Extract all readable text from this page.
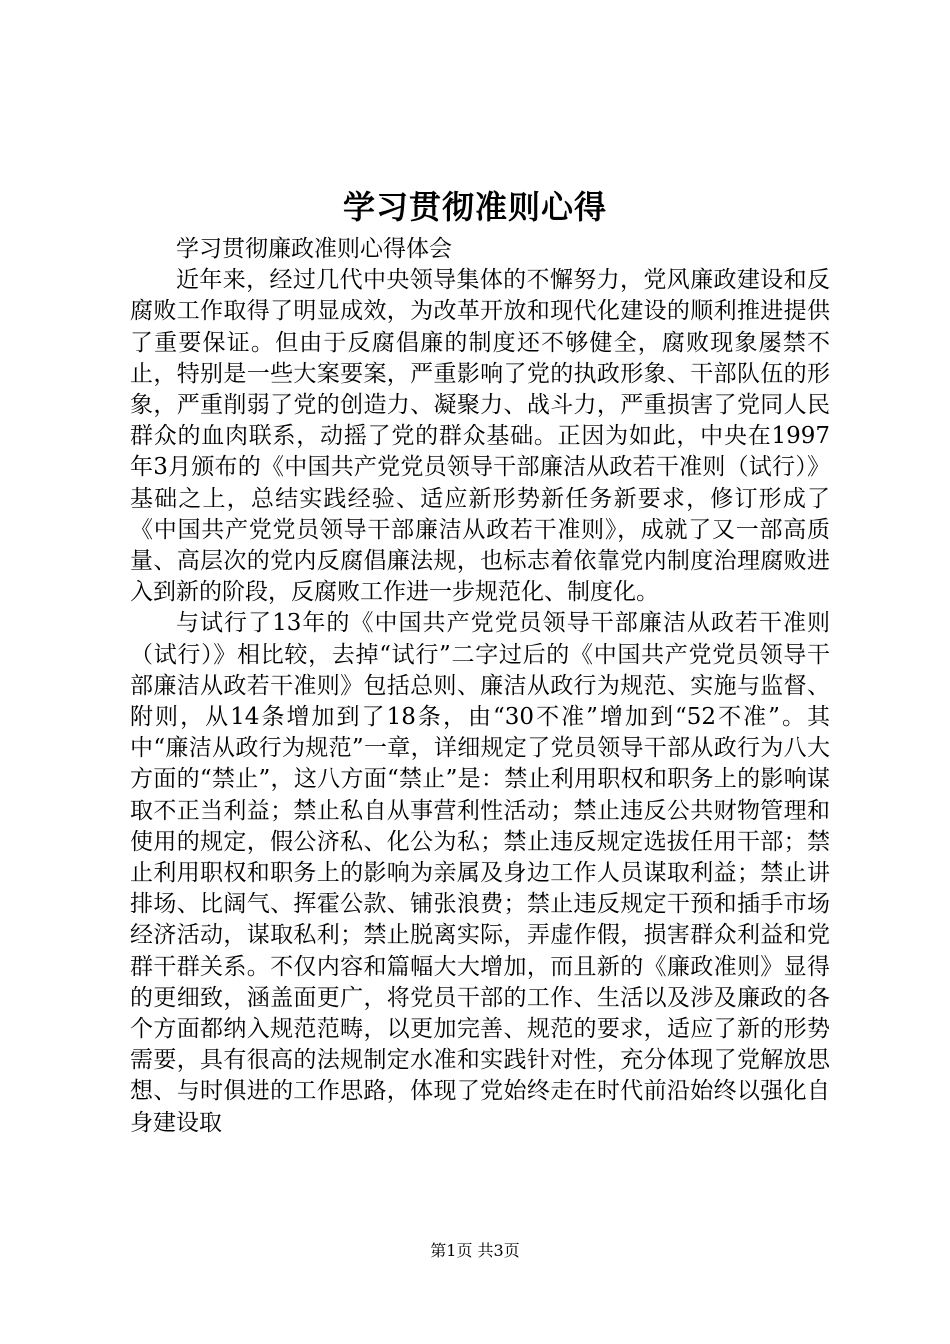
学习贯彻准则心得

学习贯彻廉政准则心得体会

近年来，经过几代中央领导集体的不懈努力，党风廉政建设和反腐败工作取得了明显成效，为改革开放和现代化建设的顺利推进提供了重要保证。但由于反腐倡廉的制度还不够健全，腐败现象屡禁不止，特别是一些大案要案，严重影响了党的执政形象、干部队伍的形象，严重削弱了党的创造力、凝聚力、战斗力，严重损害了党同人民群众的血肉联系，动摇了党的群众基础。正因为如此，中央在1997年3月颁布的《中国共产党党员领导干部廉洁从政若干准则（试行）》基础之上，总结实践经验、适应新形势新任务新要求，修订形成了《中国共产党党员领导干部廉洁从政若干准则》，成就了又一部高质量、高层次的党内反腐倡廉法规，也标志着依靠党内制度治理腐败进入到新的阶段，反腐败工作进一步规范化、制度化。

与试行了13年的《中国共产党党员领导干部廉洁从政若干准则（试行）》相比较，去掉“试行”二字过后的《中国共产党党员领导干部廉洁从政若干准则》包括总则、廉洁从政行为规范、实施与监督、附则，从14条增加到了18条，由“30不准”增加到“52不准”。其中“廉洁从政行为规范”一章，详细规定了党员领导干部从政行为八大方面的“禁止”，这八方面“禁止”是：禁止利用职权和职务上的影响谋取不正当利益；禁止私自从事营利性活动；禁止违反公共财物管理和使用的规定，假公济私、化公为私；禁止违反规定选拔任用干部；禁止利用职权和职务上的影响为亲属及身边工作人员谋取利益；禁止讲排场、比阔气、挥霍公款、铺张浪费；禁止违反规定干预和插手市场经济活动，谋取私利；禁止脱离实际，弄虚作假，损害群众利益和党群干群关系。不仅内容和篇幅大大增加，而且新的《廉政准则》显得的更细致，涵盖面更广，将党员干部的工作、生活以及涉及廉政的各个方面都纳入规范范畴，以更加完善、规范的要求，适应了新的形势需要，具有很高的法规制定水准和实践针对性，充分体现了党解放思想、与时俱进的工作思路，体现了党始终走在时代前沿始终以强化自身建设取

第1页 共3页
